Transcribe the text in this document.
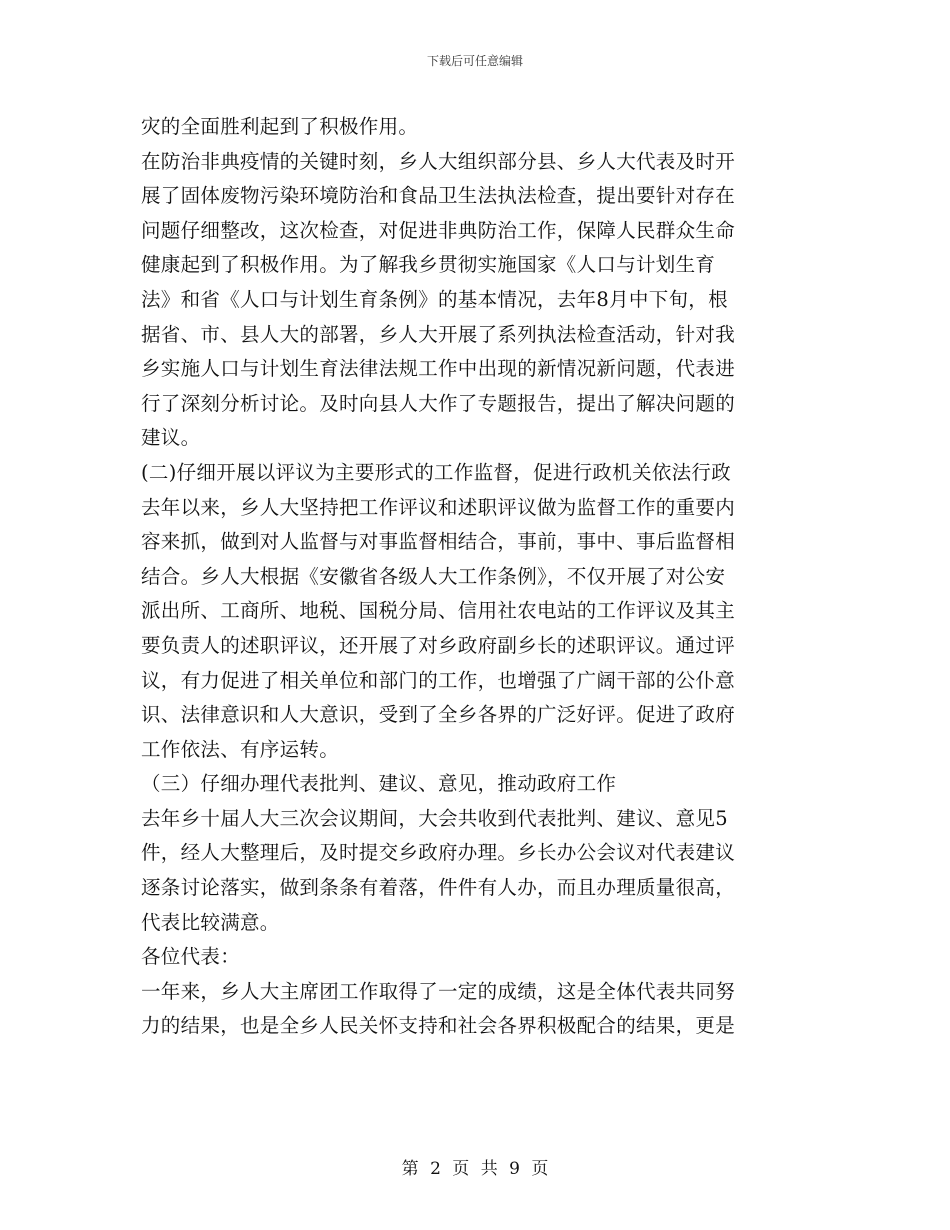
下载后可任意编辑
灾的全面胜利起到了积极作用。
在防治非典疫情的关键时刻，乡人大组织部分县、乡人大代表及时开
展了固体废物污染环境防治和食品卫生法执法检查，提出要针对存在
问题仔细整改，这次检查，对促进非典防治工作，保障人民群众生命
健康起到了积极作用。为了解我乡贯彻实施国家《人口与计划生育
法》和省《人口与计划生育条例》的基本情况，去年8月中下旬，根
据省、市、县人大的部署，乡人大开展了系列执法检查活动，针对我
乡实施人口与计划生育法律法规工作中出现的新情况新问题，代表进
行了深刻分析讨论。及时向县人大作了专题报告，提出了解决问题的
建议。
(二)仔细开展以评议为主要形式的工作监督，促进行政机关依法行政
去年以来，乡人大坚持把工作评议和述职评议做为监督工作的重要内
容来抓，做到对人监督与对事监督相结合，事前，事中、事后监督相
结合。乡人大根据《安徽省各级人大工作条例》，不仅开展了对公安
派出所、工商所、地税、国税分局、信用社农电站的工作评议及其主
要负责人的述职评议，还开展了对乡政府副乡长的述职评议。通过评
议，有力促进了相关单位和部门的工作，也增强了广阔干部的公仆意
识、法律意识和人大意识，受到了全乡各界的广泛好评。促进了政府
工作依法、有序运转。
（三）仔细办理代表批判、建议、意见，推动政府工作
去年乡十届人大三次会议期间，大会共收到代表批判、建议、意见5
件，经人大整理后，及时提交乡政府办理。乡长办公会议对代表建议
逐条讨论落实，做到条条有着落，件件有人办，而且办理质量很高，
代表比较满意。
各位代表：
一年来，乡人大主席团工作取得了一定的成绩，这是全体代表共同努
力的结果，也是全乡人民关怀支持和社会各界积极配合的结果，更是
第 2 页 共 9 页
